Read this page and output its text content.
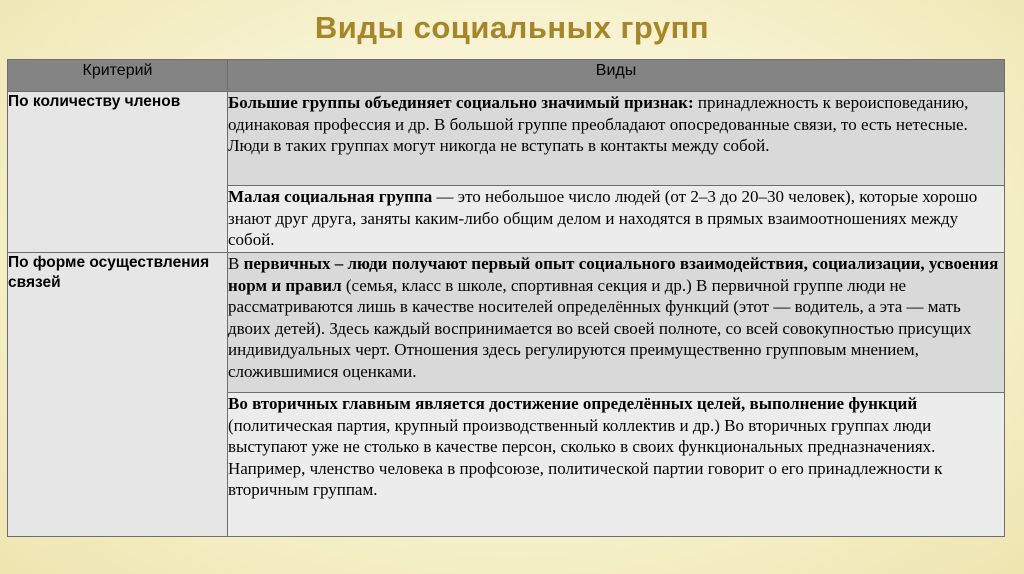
Виды социальных групп
Критерий	Виды
По количеству членов	Большие группы объединяет социально значимый признак: принадлежность к вероисповеданию, одинаковая профессия и др. В большой группе преобладают опосредованные связи, то есть нетесные. Люди в таких группах могут никогда не вступать в контакты между собой.
	Малая социальная группа — это небольшое число людей (от 2–3 до 20–30 человек), которые хорошо знают друг друга, заняты каким-либо общим делом и находятся в прямых взаимоотношениях между собой.
По форме осуществления связей	В первичных – люди получают первый опыт социального взаимодействия, социализации, усвоения норм и правил (семья, класс в школе, спортивная секция и др.) В первичной группе люди не рассматриваются лишь в качестве носителей определённых функций (этот — водитель, а эта — мать двоих детей). Здесь каждый воспринимается во всей своей полноте, со всей совокупностью присущих индивидуальных черт. Отношения здесь регулируются преимущественно групповым мнением, сложившимися оценками.
	Во вторичных главным является достижение определённых целей, выполнение функций (политическая партия, крупный производственный коллектив и др.) Во вторичных группах люди выступают уже не столько в качестве персон, сколько в своих функциональных предназначениях. Например, членство человека в профсоюзе, политической партии говорит о его принадлежности к вторичным группам.
